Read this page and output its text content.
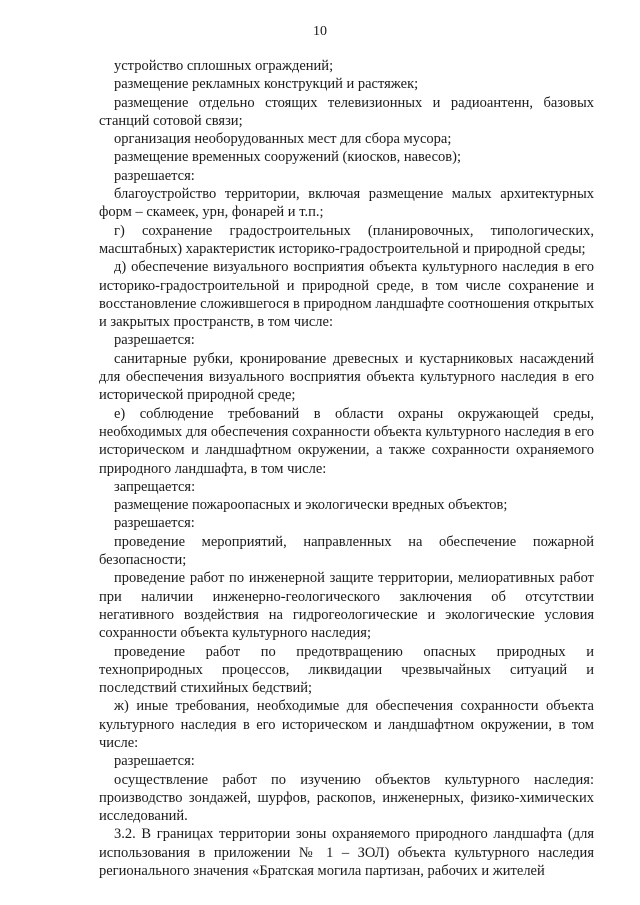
10

устройство сплошных ограждений;

размещение рекламных конструкций и растяжек;

размещение отдельно стоящих телевизионных и радиоантенн, базовых станций сотовой связи;

организация необорудованных мест для сбора мусора;

размещение временных сооружений (киосков, навесов);

разрешается:

благоустройство территории, включая размещение малых архитектурных форм – скамеек, урн, фонарей и т.п.;

г) сохранение градостроительных (планировочных, типологических, масштабных) характеристик историко-градостроительной и природной среды;

д) обеспечение визуального восприятия объекта культурного наследия в его историко-градостроительной и природной среде, в том числе сохранение и восстановление сложившегося в природном ландшафте соотношения открытых и закрытых пространств, в том числе:

разрешается:

санитарные рубки, кронирование древесных и кустарниковых насаждений для обеспечения визуального восприятия объекта культурного наследия в его исторической природной среде;

е) соблюдение требований в области охраны окружающей среды, необходимых для обеспечения сохранности объекта культурного наследия в его историческом и ландшафтном окружении, а также сохранности охраняемого природного ландшафта, в том числе:

запрещается:

размещение пожароопасных и экологически вредных объектов;

разрешается:

проведение мероприятий, направленных на обеспечение пожарной безопасности;

проведение работ по инженерной защите территории, мелиоративных работ при наличии инженерно-геологического заключения об отсутствии негативного воздействия на гидрогеологические и экологические условия сохранности объекта культурного наследия;

проведение работ по предотвращению опасных природных и техноприродных процессов, ликвидации чрезвычайных ситуаций и последствий стихийных бедствий;

ж) иные требования, необходимые для обеспечения сохранности объекта культурного наследия в его историческом и ландшафтном окружении, в том числе:

разрешается:

осуществление работ по изучению объектов культурного наследия: производство зондажей, шурфов, раскопов, инженерных, физико-химических исследований.

3.2. В границах территории зоны охраняемого природного ландшафта (для использования в приложении № 1 – ЗОЛ) объекта культурного наследия регионального значения «Братская могила партизан, рабочих и жителей
